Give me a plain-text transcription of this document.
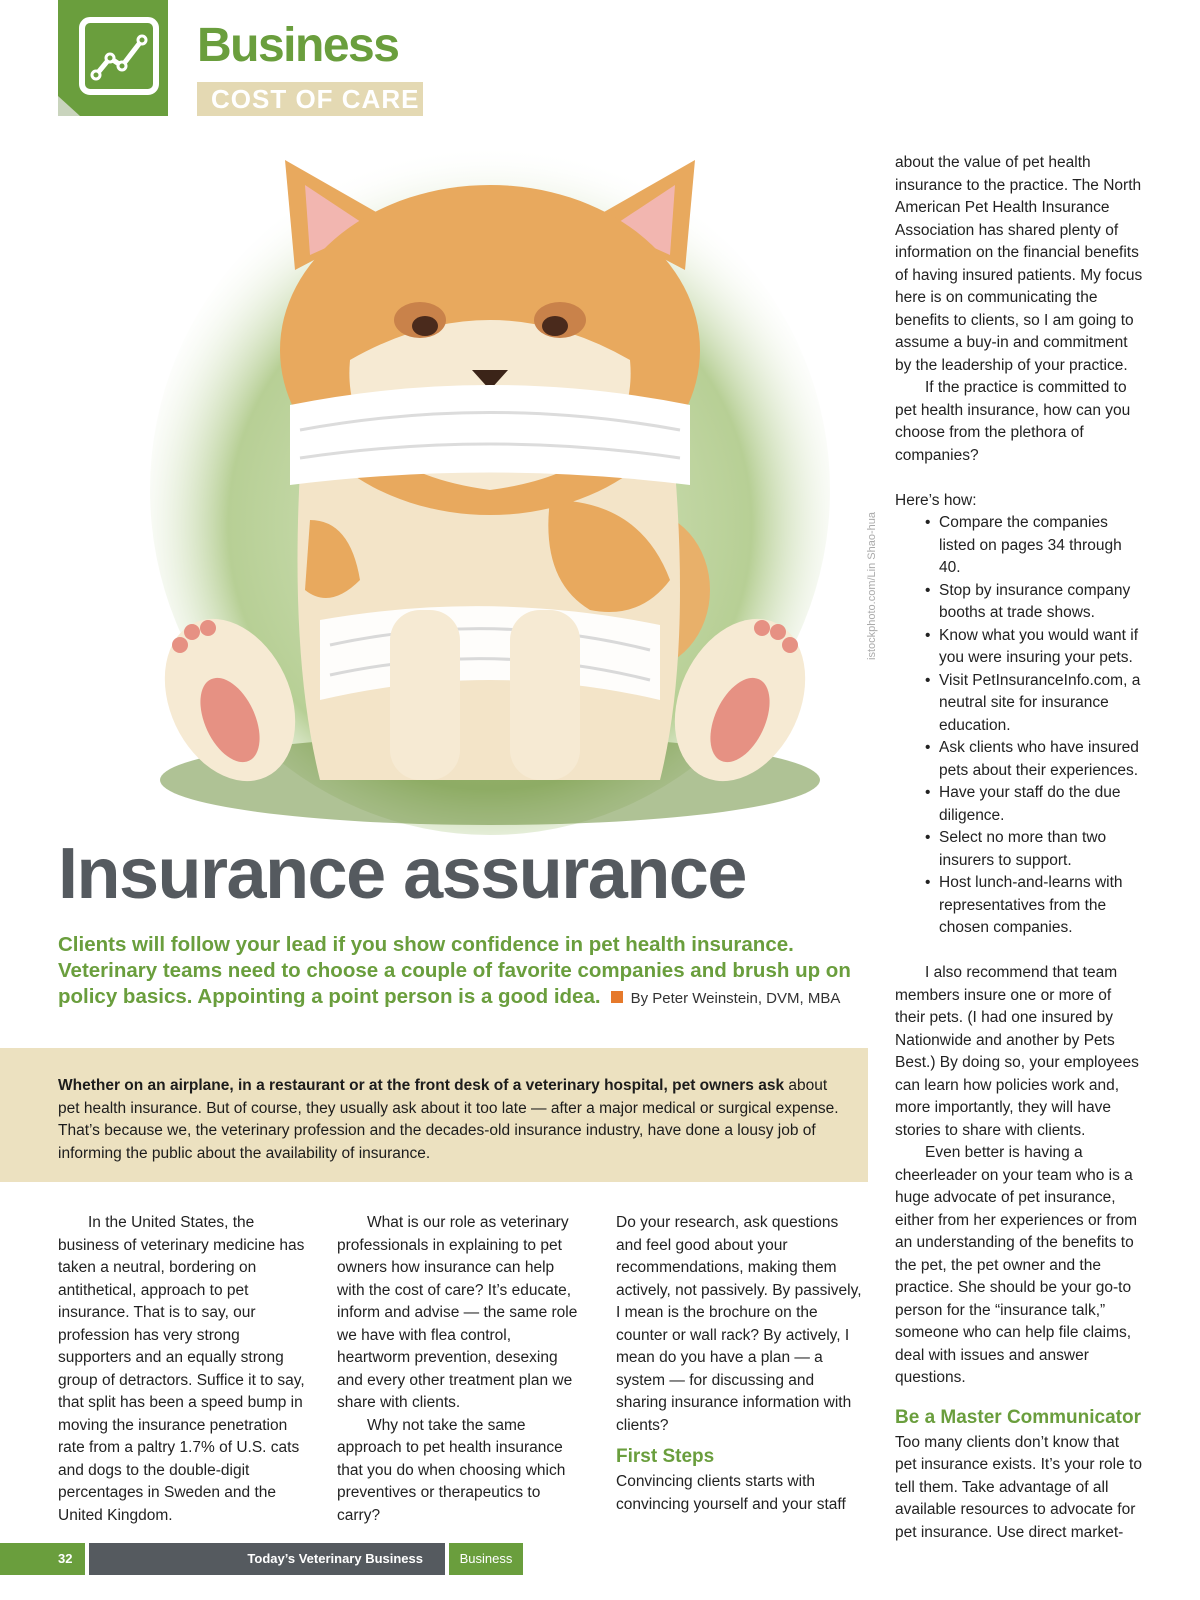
Business
COST OF CARE
istockphoto.com/Lin Shao-hua
Insurance assurance
Clients will follow your lead if you show confidence in pet health insurance. Veterinary teams need to choose a couple of favorite companies and brush up on policy basics. Appointing a point person is a good idea. By Peter Weinstein, DVM, MBA
Whether on an airplane, in a restaurant or at the front desk of a veterinary hospital, pet owners ask about pet health insurance. But of course, they usually ask about it too late — after a major medical or surgical expense. That’s because we, the veterinary profession and the decades-old insurance industry, have done a lousy job of informing the public about the availability of insurance.

In the United States, the business of veterinary medicine has taken a neutral, bordering on antithetical, approach to pet insurance. That is to say, our profession has very strong supporters and an equally strong group of detractors. Suffice it to say, that split has been a speed bump in moving the insurance penetration rate from a paltry 1.7% of U.S. cats and dogs to the double-digit percentages in Sweden and the United Kingdom.

What is our role as veterinary professionals in explaining to pet owners how insurance can help with the cost of care? It’s educate, inform and advise — the same role we have with flea control, heartworm prevention, desexing and every other treatment plan we share with clients.

Why not take the same approach to pet health insurance that you do when choosing which preventives or therapeutics to carry?

Do your research, ask questions and feel good about your recommendations, making them actively, not passively. By passively, I mean is the brochure on the counter or wall rack? By actively, I mean do you have a plan — a system — for discussing and sharing insurance information with clients?

First Steps

Convincing clients starts with convincing yourself and your staff

about the value of pet health insurance to the practice. The North American Pet Health Insurance Association has shared plenty of information on the financial benefits of having insured patients. My focus here is on communicating the benefits to clients, so I am going to assume a buy-in and commitment by the leadership of your practice.

If the practice is committed to pet health insurance, how can you choose from the plethora of companies?

Here’s how:

• Compare the companies listed on pages 34 through 40.
• Stop by insurance company booths at trade shows.
• Know what you would want if you were insuring your pets.
• Visit PetInsuranceInfo.com, a neutral site for insurance education.
• Ask clients who have insured pets about their experiences.
• Have your staff do the due diligence.
• Select no more than two insurers to support.
• Host lunch-and-learns with representatives from the chosen companies.

I also recommend that team members insure one or more of their pets. (I had one insured by Nationwide and another by Pets Best.) By doing so, your employees can learn how policies work and, more importantly, they will have stories to share with clients.

Even better is having a cheerleader on your team who is a huge advocate of pet insurance, either from her experiences or from an understanding of the benefits to the pet, the pet owner and the practice. She should be your go-to person for the “insurance talk,” someone who can help file claims, deal with issues and answer questions.

Be a Master Communicator

Too many clients don’t know that pet insurance exists. It’s your role to tell them. Take advantage of all available resources to advocate for pet insurance. Use direct market-

32	Today’s Veterinary Business	Business
